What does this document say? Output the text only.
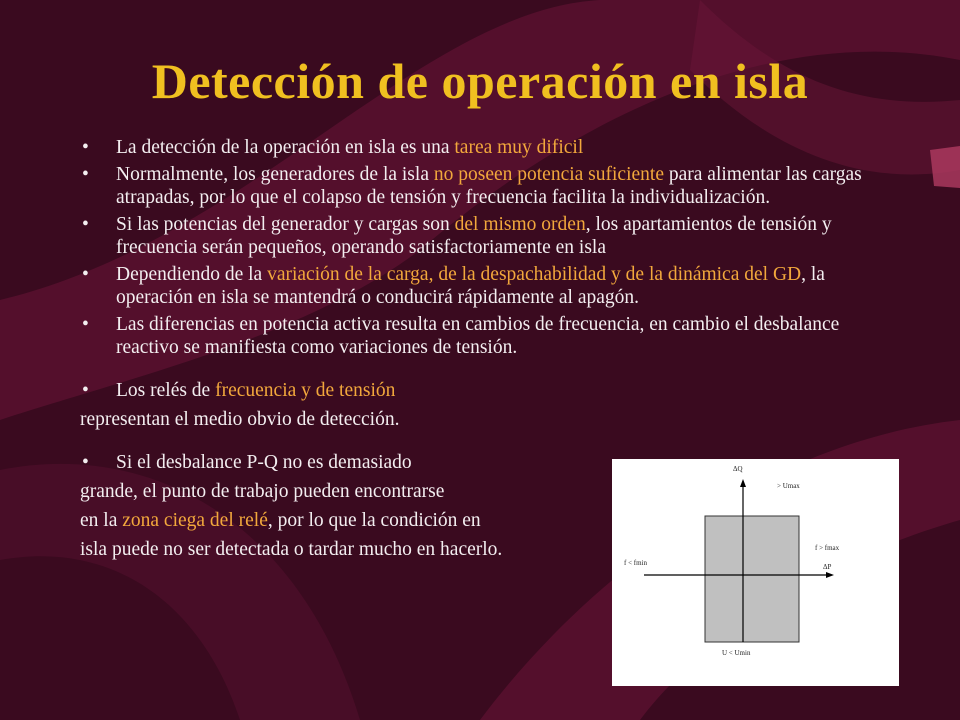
Detección de operación en isla

• La detección de la operación en isla es una tarea muy dificil

• Normalmente, los generadores de la isla no poseen potencia suficiente para alimentar las cargas atrapadas, por lo que el colapso de tensión y frecuencia facilita la individualización.

• Si las potencias del generador y cargas son del mismo orden, los apartamientos de tensión y frecuencia serán pequeños, operando satisfactoriamente en isla

• Dependiendo de la variación de la carga, de la despachabilidad y de la dinámica del GD, la operación en isla se mantendrá o conducirá rápidamente al apagón.

• Las diferencias en potencia activa resulta en cambios de frecuencia, en cambio el desbalance reactivo se manifiesta como variaciones de tensión.

• Los relés de frecuencia y de tensión

representan el medio obvio de detección.

• Si el desbalance P-Q no es demasiado

grande, el punto de trabajo pueden encontrarse

en la zona ciega del relé, por lo que la condición en

isla puede no ser detectada o tardar mucho en hacerlo.

ΔQ
> Umax
f > fmax
f < fmin	ΔP
U < Umin
